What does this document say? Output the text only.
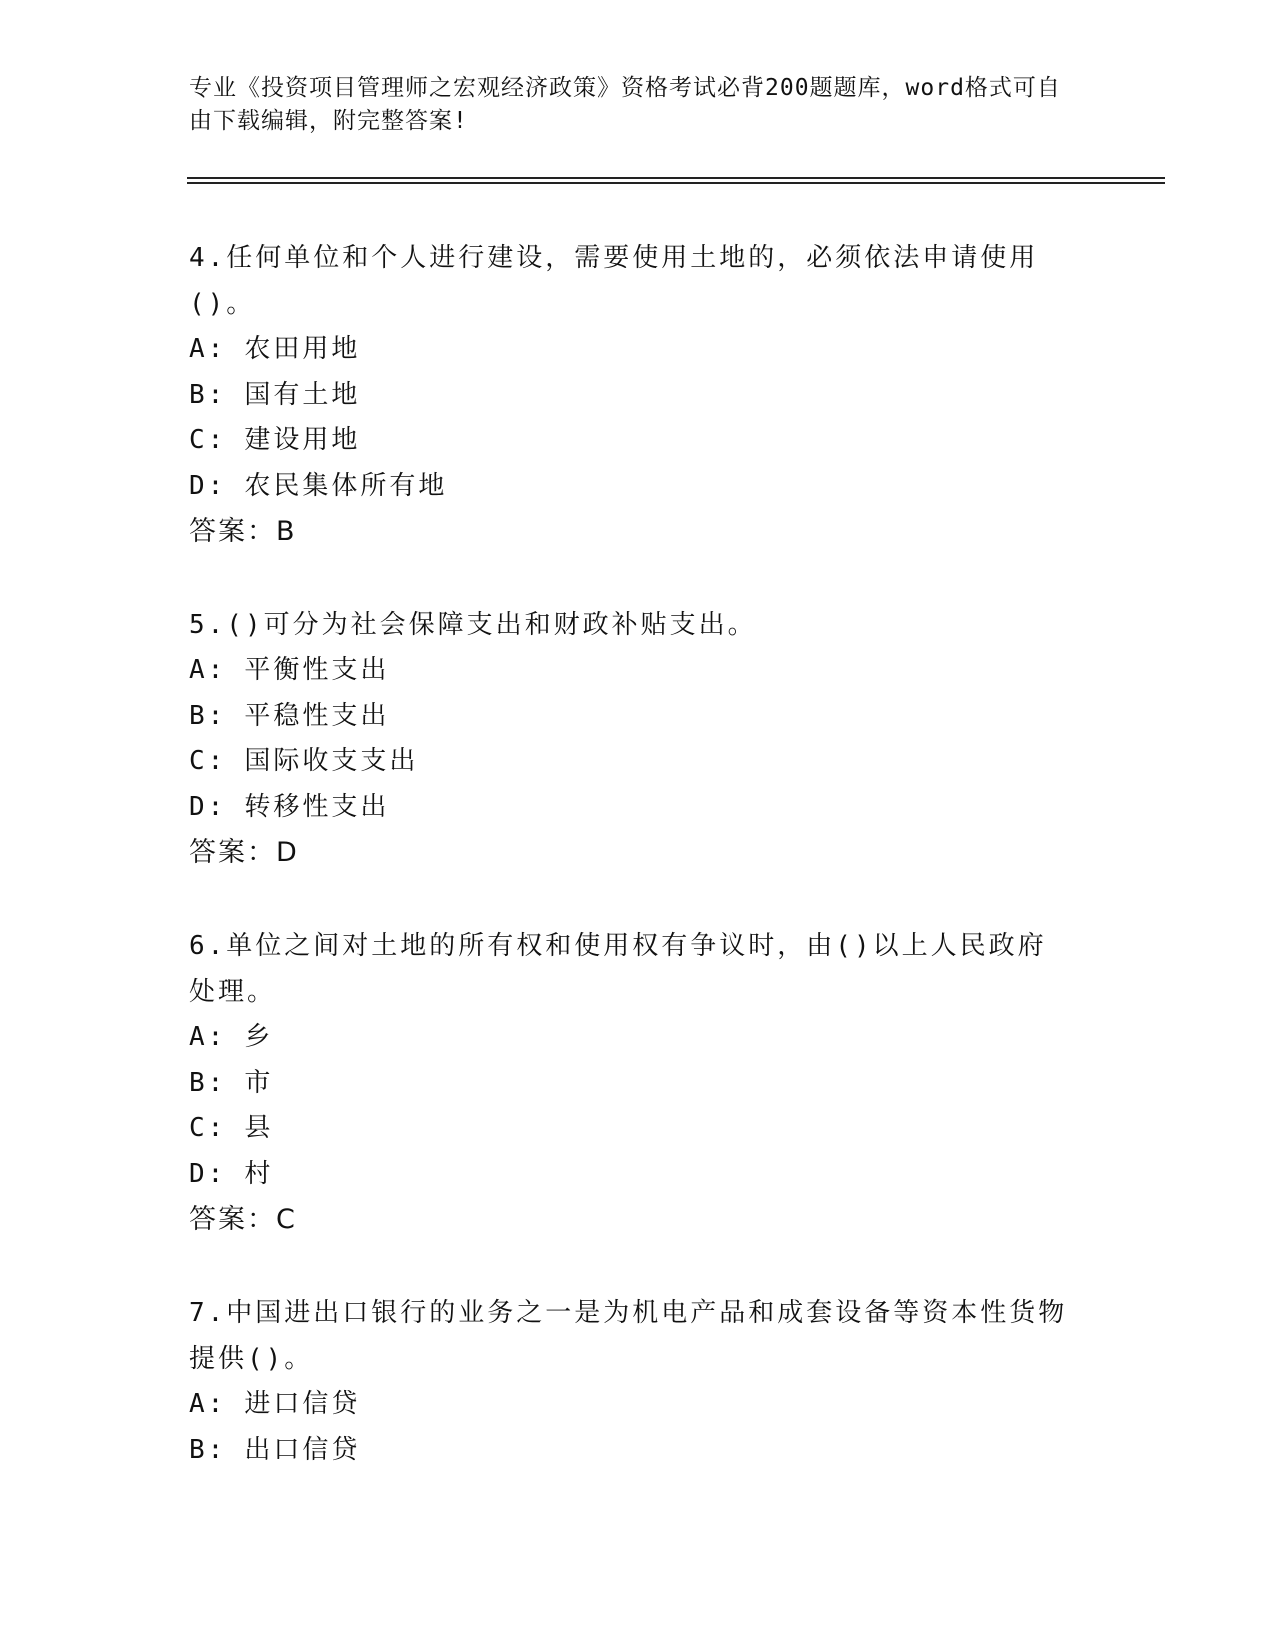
专业《投资项目管理师之宏观经济政策》资格考试必背200题题库，word格式可自由下载编辑，附完整答案!
4.任何单位和个人进行建设，需要使用土地的，必须依法申请使用()。
A: 农田用地
B: 国有土地
C: 建设用地
D: 农民集体所有地
答案：B
5.()可分为社会保障支出和财政补贴支出。
A: 平衡性支出
B: 平稳性支出
C: 国际收支支出
D: 转移性支出
答案：D
6.单位之间对土地的所有权和使用权有争议时，由()以上人民政府处理。
A: 乡
B: 市
C: 县
D: 村
答案：C
7.中国进出口银行的业务之一是为机电产品和成套设备等资本性货物提供()。
A: 进口信贷
B: 出口信贷
